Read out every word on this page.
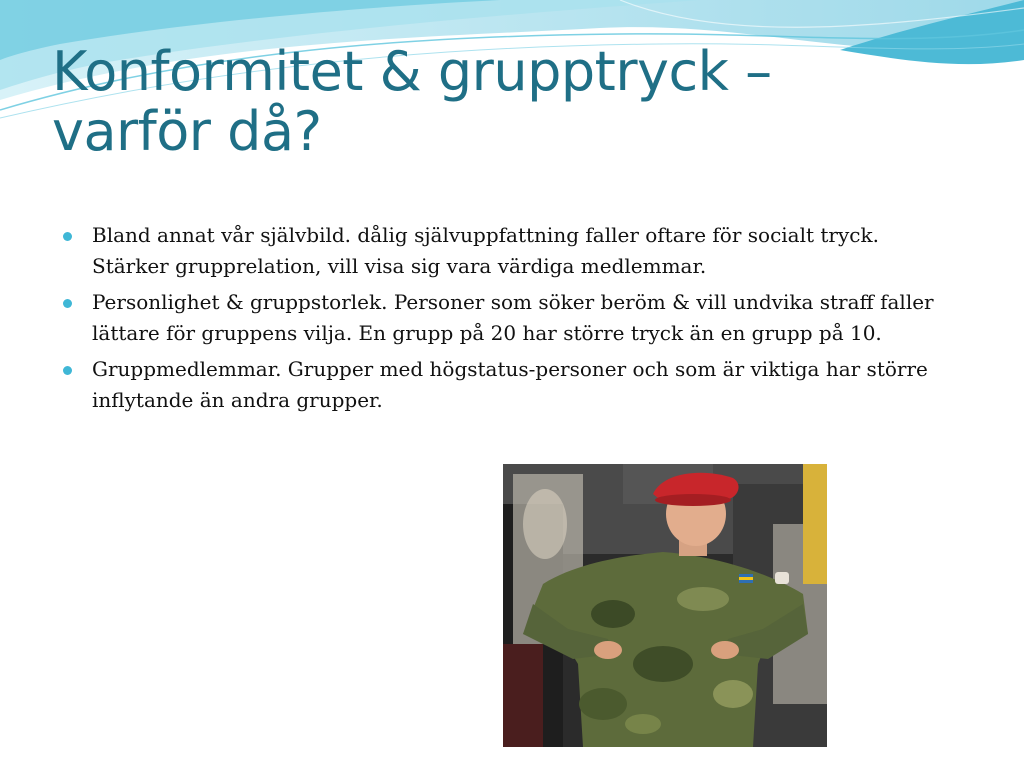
Konformitet & grupptryck –
varför då?
Bland annat vår självbild. dålig självuppfattning faller oftare för socialt tryck. Stärker grupprelation, vill visa sig vara värdiga medlemmar.
Personlighet & gruppstorlek. Personer som söker beröm & vill undvika straff faller lättare för gruppens vilja. En grupp på 20 har större tryck än en grupp på 10.
Gruppmedlemmar. Grupper med högstatus-personer och som är viktiga har större inflytande än andra grupper.
